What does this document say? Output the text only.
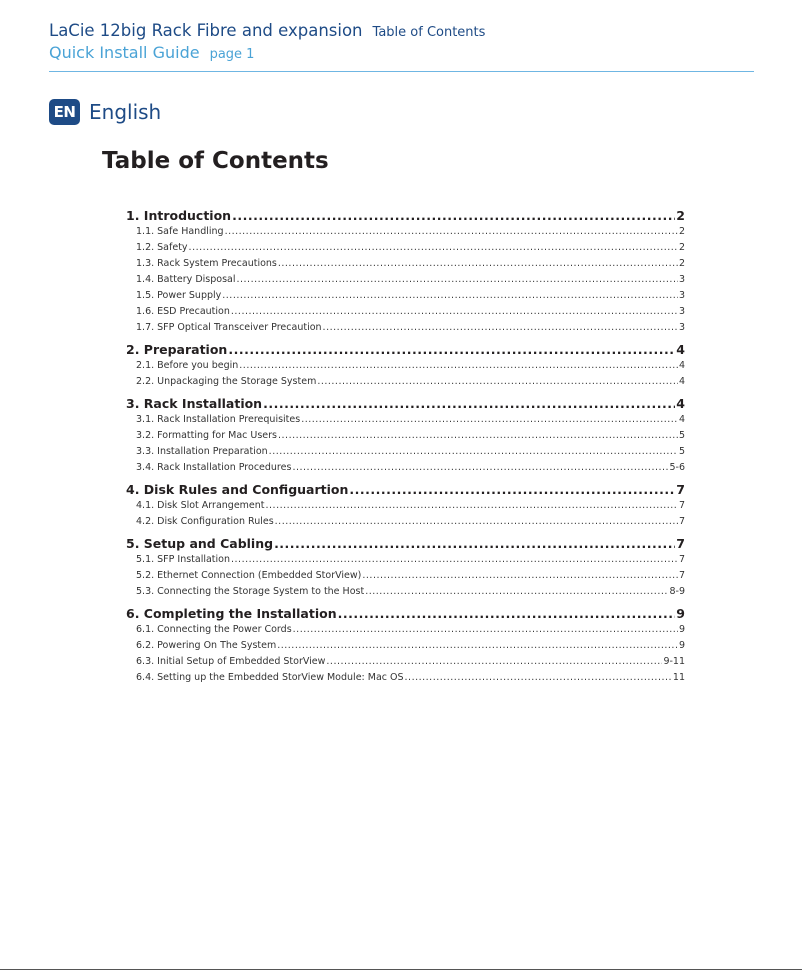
LaCie 12big Rack Fibre and expansion Table of Contents
Quick Install Guide page 1
EN English
Table of Contents
1. Introduction .....	2
1.1. Safe Handling .....	2
1.2. Safety .....	2
1.3. Rack System Precautions .....	2
1.4. Battery Disposal .....	3
1.5. Power Supply .....	3
1.6. ESD Precaution .....	3
1.7. SFP Optical Transceiver Precaution .....	3
2. Preparation .....	4
2.1. Before you begin .....	4
2.2. Unpackaging the Storage System .....	4
3. Rack Installation .....	4
3.1. Rack Installation Prerequisites .....	4
3.2. Formatting for Mac Users .....	5
3.3. Installation Preparation .....	5
3.4. Rack Installation Procedures .....	5-6
4. Disk Rules and Configuartion .....	7
4.1. Disk Slot Arrangement .....	7
4.2. Disk Configuration Rules .....	7
5. Setup and Cabling .....	7
5.1. SFP Installation .....	7
5.2. Ethernet Connection (Embedded StorView) .....	7
5.3. Connecting the Storage System to the Host .....	8-9
6. Completing the Installation .....	9
6.1. Connecting the Power Cords .....	9
6.2. Powering On The System .....	9
6.3. Initial Setup of Embedded StorView .....	9-11
6.4. Setting up the Embedded StorView Module: Mac OS .....	11
